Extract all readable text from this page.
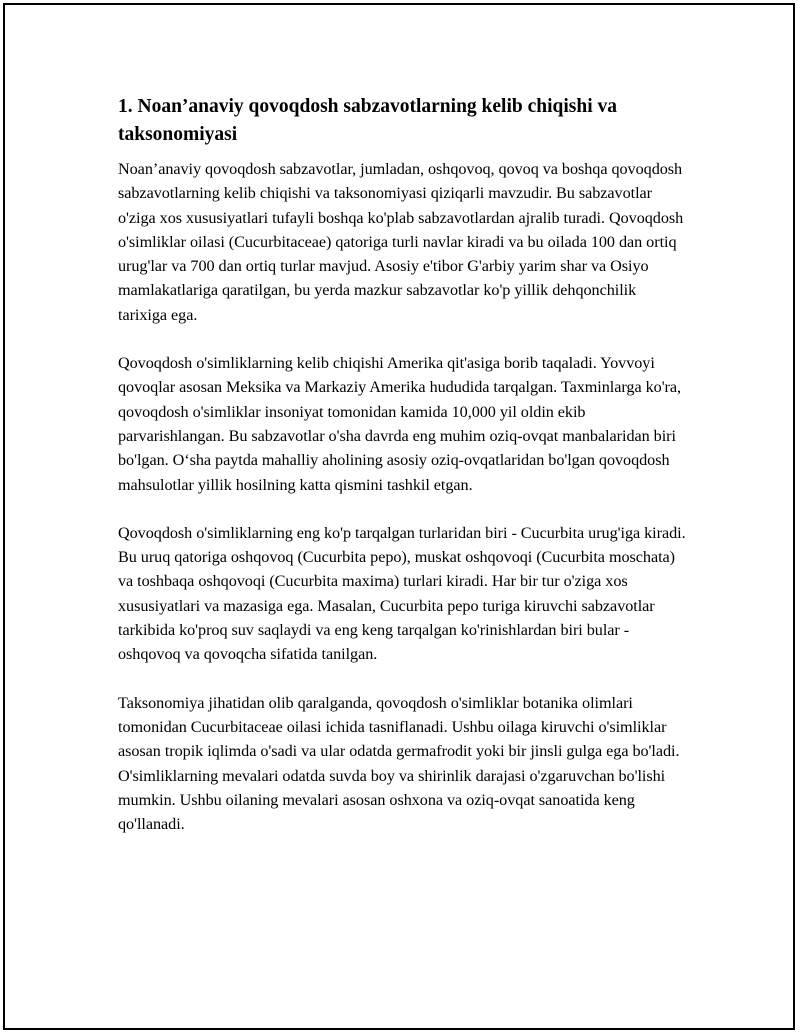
1. Noan’anaviy qovoqdosh sabzavotlarning kelib chiqishi va taksonomiyasi

Noan’anaviy qovoqdosh sabzavotlar, jumladan, oshqovoq, qovoq va boshqa qovoqdosh sabzavotlarning kelib chiqishi va taksonomiyasi qiziqarli mavzudir. Bu sabzavotlar o'ziga xos xususiyatlari tufayli boshqa ko'plab sabzavotlardan ajralib turadi. Qovoqdosh o'simliklar oilasi (Cucurbitaceae) qatoriga turli navlar kiradi va bu oilada 100 dan ortiq urug'lar va 700 dan ortiq turlar mavjud. Asosiy e'tibor G'arbiy yarim shar va Osiyo mamlakatlariga qaratilgan, bu yerda mazkur sabzavotlar ko'p yillik dehqonchilik tarixiga ega.

Qovoqdosh o'simliklarning kelib chiqishi Amerika qit'asiga borib taqaladi. Yovvoyi qovoqlar asosan Meksika va Markaziy Amerika hududida tarqalgan. Taxminlarga ko'ra, qovoqdosh o'simliklar insoniyat tomonidan kamida 10,000 yil oldin ekib parvarishlangan. Bu sabzavotlar o'sha davrda eng muhim oziq-ovqat manbalaridan biri bo'lgan. O‘sha paytda mahalliy aholining asosiy oziq-ovqatlaridan bo'lgan qovoqdosh mahsulotlar yillik hosilning katta qismini tashkil etgan.

Qovoqdosh o'simliklarning eng ko'p tarqalgan turlaridan biri - Cucurbita urug'iga kiradi. Bu uruq qatoriga oshqovoq (Cucurbita pepo), muskat oshqovoqi (Cucurbita moschata) va toshbaqa oshqovoqi (Cucurbita maxima) turlari kiradi. Har bir tur o'ziga xos xususiyatlari va mazasiga ega. Masalan, Cucurbita pepo turiga kiruvchi sabzavotlar tarkibida ko'proq suv saqlaydi va eng keng tarqalgan ko'rinishlardan biri bular - oshqovoq va qovoqcha sifatida tanilgan.

Taksonomiya jihatidan olib qaralganda, qovoqdosh o'simliklar botanika olimlari tomonidan Cucurbitaceae oilasi ichida tasniflanadi. Ushbu oilaga kiruvchi o'simliklar asosan tropik iqlimda o'sadi va ular odatda germafrodit yoki bir jinsli gulga ega bo'ladi. O'simliklarning mevalari odatda suvda boy va shirinlik darajasi o'zgaruvchan bo'lishi mumkin. Ushbu oilaning mevalari asosan oshxona va oziq-ovqat sanoatida keng qo'llanadi.
